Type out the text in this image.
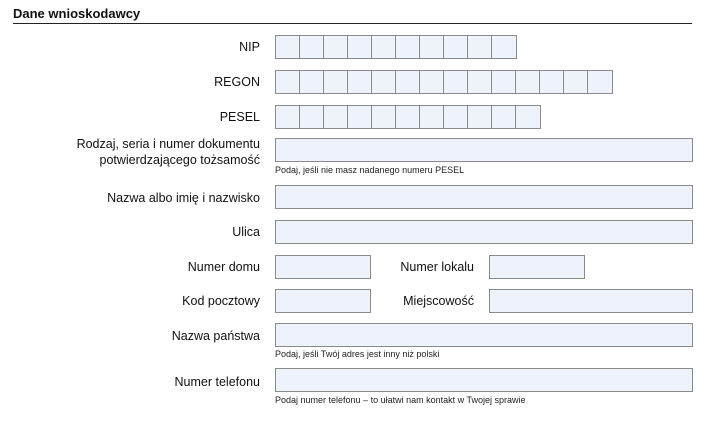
Dane wnioskodawcy
NIP
REGON
PESEL
Rodzaj, seria i numer dokumentu
potwierdzającego tożsamość
Podaj, jeśli nie masz nadanego numeru PESEL
Nazwa albo imię i nazwisko
Ulica
Numer domu	Numer lokalu
Kod pocztowy	Miejscowość
Nazwa państwa
Podaj, jeśli Twój adres jest inny niż polski
Numer telefonu
Podaj numer telefonu – to ułatwi nam kontakt w Twojej sprawie
